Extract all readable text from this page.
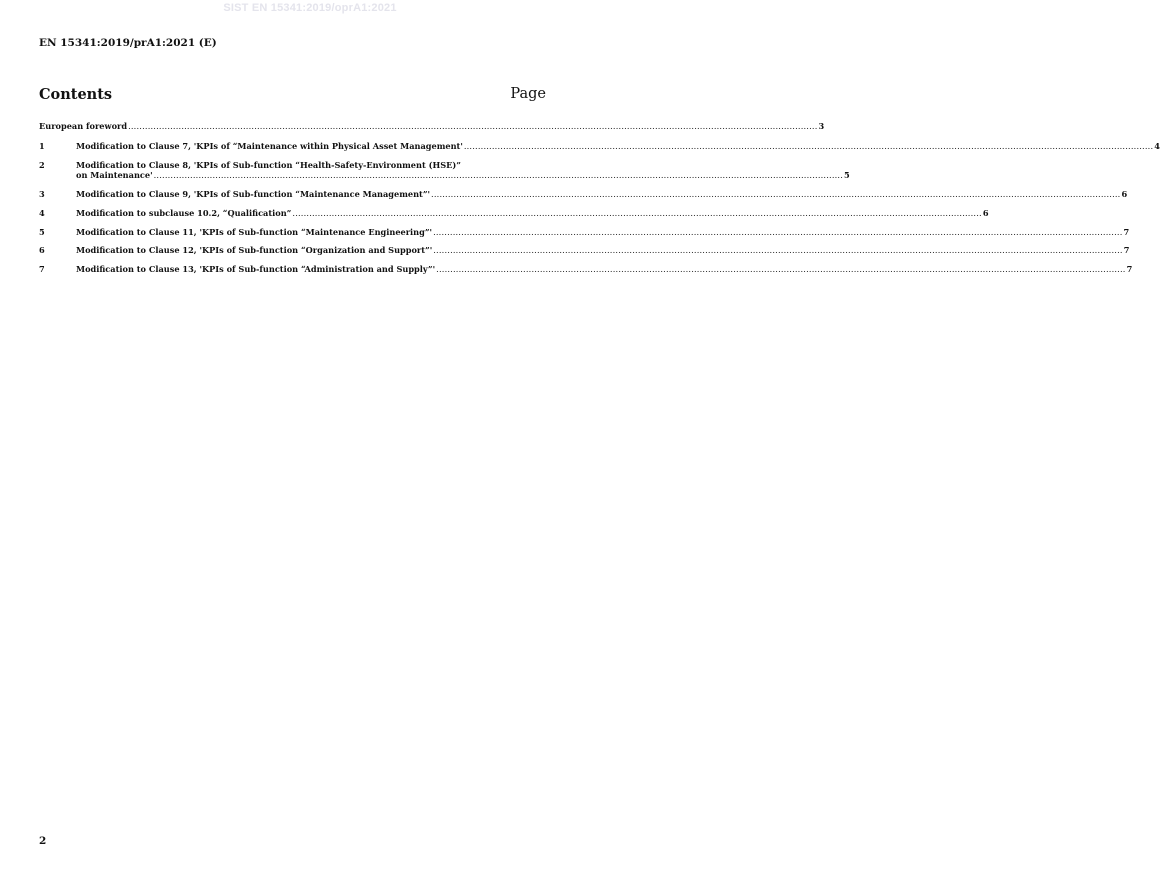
SIST EN 15341:2019/oprA1:2021
EN 15341:2019/prA1:2021 (E)
Contents	Page
European foreword ...................................................................................................................................................................................................................................................... 3
1	Modification to Clause 7, 'KPIs of “Maintenance within Physical Asset Management' ...................................................................................................................................................................................................................................................... 4
2	Modification to Clause 8, 'KPIs of Sub-function “Health-Safety-Environment (HSE)”
on Maintenance' ...................................................................................................................................................................................................................................................... 5
3	Modification to Clause 9, 'KPIs of Sub-function “Maintenance Management”' ...................................................................................................................................................................................................................................................... 6
4	Modification to subclause 10.2, “Qualification” ...................................................................................................................................................................................................................................................... 6
5	Modification to Clause 11, 'KPIs of Sub-function “Maintenance Engineering”' ...................................................................................................................................................................................................................................................... 7
6	Modification to Clause 12, 'KPIs of Sub-function “Organization and Support”' ...................................................................................................................................................................................................................................................... 7
7	Modification to Clause 13, 'KPIs of Sub-function “Administration and Supply”' ...................................................................................................................................................................................................................................................... 7
2
